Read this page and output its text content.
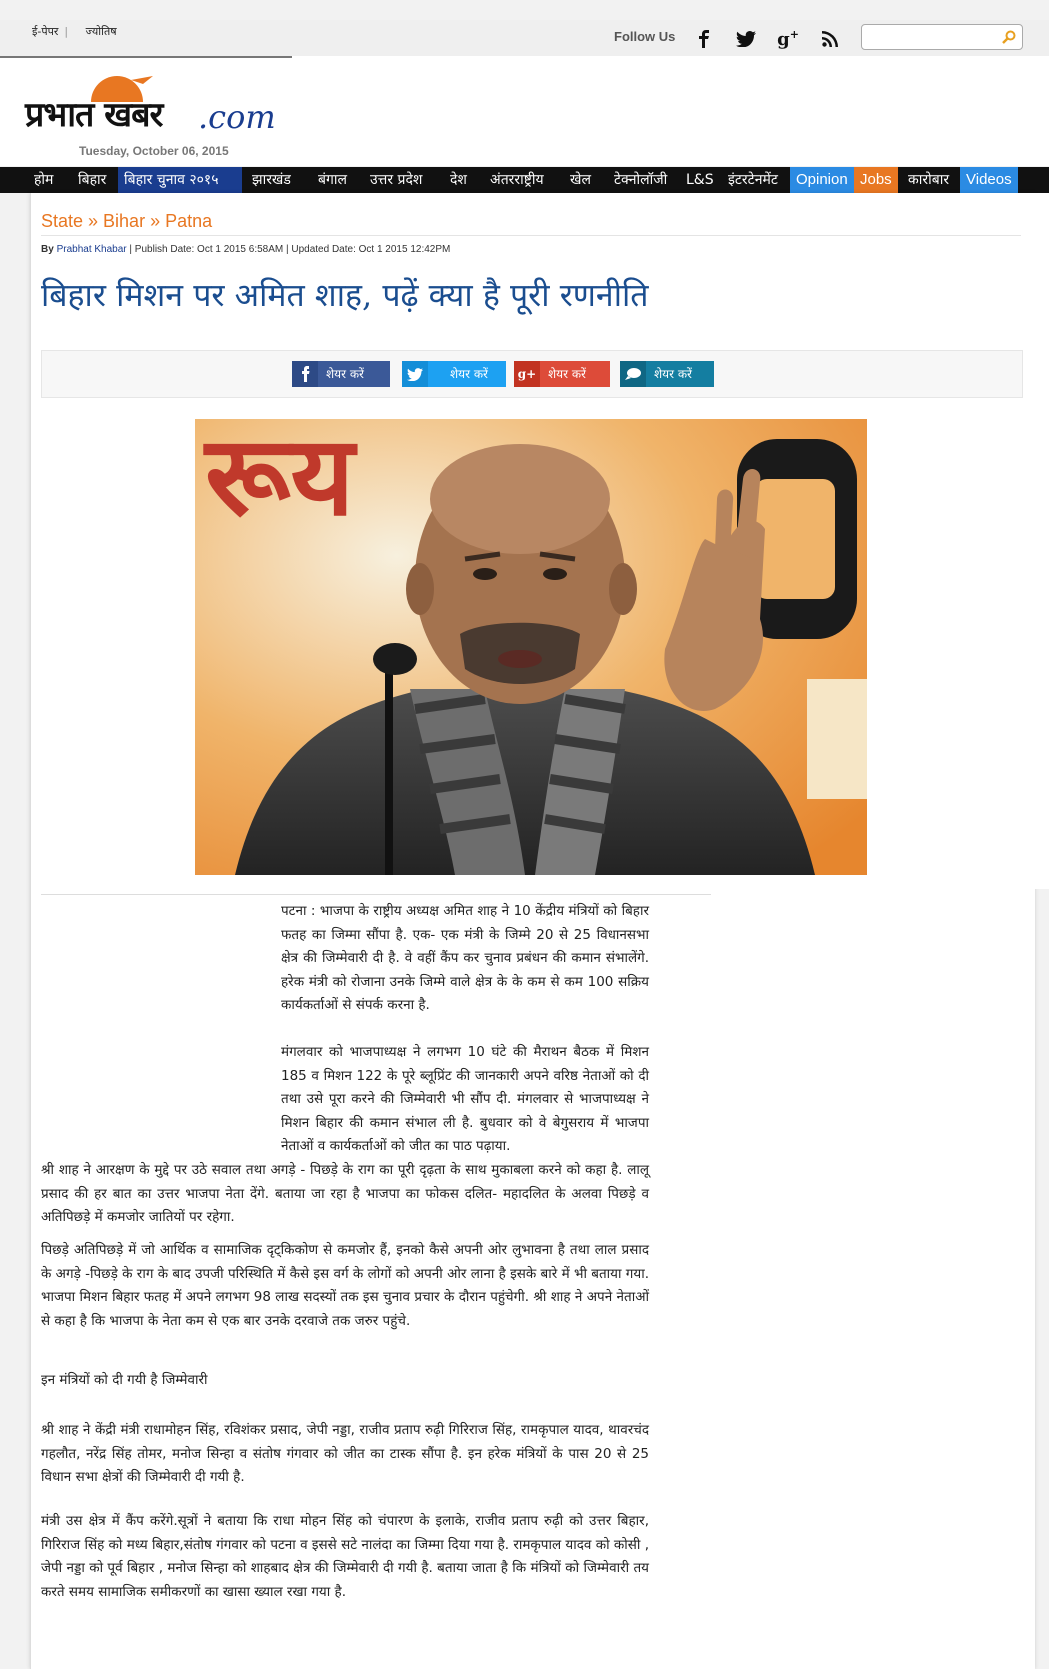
ई-पेपर | ज्योतिष	Follow Us	g+
प्रभात खबर .com
Tuesday, October 06, 2015
होम	बिहार	बिहार चुनाव २०१५	झारखंड	बंगाल	उत्तर प्रदेश	देश	अंतरराष्ट्रीय	खेल	टेक्नोलॉजी	L&S	इंटरटेनमेंट	Opinion Jobs	कारोबार	Videos
State » Bihar » Patna
By Prabhat Khabar | Publish Date: Oct 1 2015 6:58AM | Updated Date: Oct 1 2015 12:42PM
बिहार मिशन पर अमित शाह, पढ़ें क्या है पूरी रणनीति
शेयर करें	शेयर करें	g+ शेयर करें	शेयर करें
रूय
पटना : भाजपा के राष्ट्रीय अध्यक्ष अमित शाह ने 10 केंद्रीय मंत्रियों को बिहार फतह का जिम्मा सौंपा है. एक- एक मंत्री के जिम्मे 20 से 25 विधानसभा क्षेत्र की जिम्मेवारी दी है. वे वहीं कैंप कर चुनाव प्रबंधन की कमान संभालेंगे. हरेक मंत्री को रोजाना उनके जिम्मे वाले क्षेत्र के के कम से कम 100 सक्रिय कार्यकर्ताओं से संपर्क करना है.
मंगलवार को भाजपाध्यक्ष ने लगभग 10 घंटे की मैराथन बैठक में मिशन 185 व मिशन 122 के पूरे ब्लूप्रिंट की जानकारी अपने वरिष्ठ नेताओं को दी तथा उसे पूरा करने की जिम्मेवारी भी सौंप दी. मंगलवार से भाजपाध्यक्ष ने मिशन बिहार की कमान संभाल ली है. बुधवार को वे बेगुसराय में भाजपा नेताओं व कार्यकर्ताओं को जीत का पाठ पढ़ाया.
श्री शाह ने आरक्षण के मुद्दे पर उठे सवाल तथा अगड़े - पिछड़े के राग का पूरी दृढ़ता के साथ मुकाबला करने को कहा है. लालू प्रसाद की हर बात का उत्तर भाजपा नेता देंगे. बताया जा रहा है भाजपा का फोकस दलित- महादलित के अलवा पिछड़े व अतिपिछड़े में कमजोर जातियों पर रहेगा.
पिछड़े अतिपिछड़े में जो आर्थिक व सामाजिक दृट्किकोण से कमजोर हैं, इनको कैसे अपनी ओर लुभावना है तथा लाल प्रसाद के अगड़े -पिछड़े के राग के बाद उपजी परिस्थिति में कैसे इस वर्ग के लोगों को अपनी ओर लाना है इसके बारे में भी बताया गया. भाजपा मिशन बिहार फतह में अपने लगभग 98 लाख सदस्यों तक इस चुनाव प्रचार के दौरान पहुंचेगी. श्री शाह ने अपने नेताओं से कहा है कि भाजपा के नेता कम से एक बार उनके दरवाजे तक जरुर पहुंचे.
इन मंत्रियों को दी गयी है जिम्मेवारी
श्री शाह ने केंद्री मंत्री राधामोहन सिंह, रविशंकर प्रसाद, जेपी नड्डा, राजीव प्रताप रुढ़ी गिरिराज सिंह, रामकृपाल यादव, थावरचंद गहलौत, नरेंद्र सिंह तोमर, मनोज सिन्हा व संतोष गंगवार को जीत का टास्क सौंपा है. इन हरेक मंत्रियों के पास 20 से 25 विधान सभा क्षेत्रों की जिम्मेवारी दी गयी है.
मंत्री उस क्षेत्र में कैंप करेंगे.सूत्रों ने बताया कि राधा मोहन सिंह को चंपारण के इलाके, राजीव प्रताप रुढ़ी को उत्तर बिहार, गिरिराज सिंह को मध्य बिहार,संतोष गंगवार को पटना व इससे सटे नालंदा का जिम्मा दिया गया है. रामकृपाल यादव को कोसी , जेपी नड्डा को पूर्व बिहार , मनोज सिन्हा को शाहबाद क्षेत्र की जिम्मेवारी दी गयी है. बताया जाता है कि मंत्रियों को जिम्मेवारी तय करते समय सामाजिक समीकरणों का खासा ख्याल रखा गया है.
